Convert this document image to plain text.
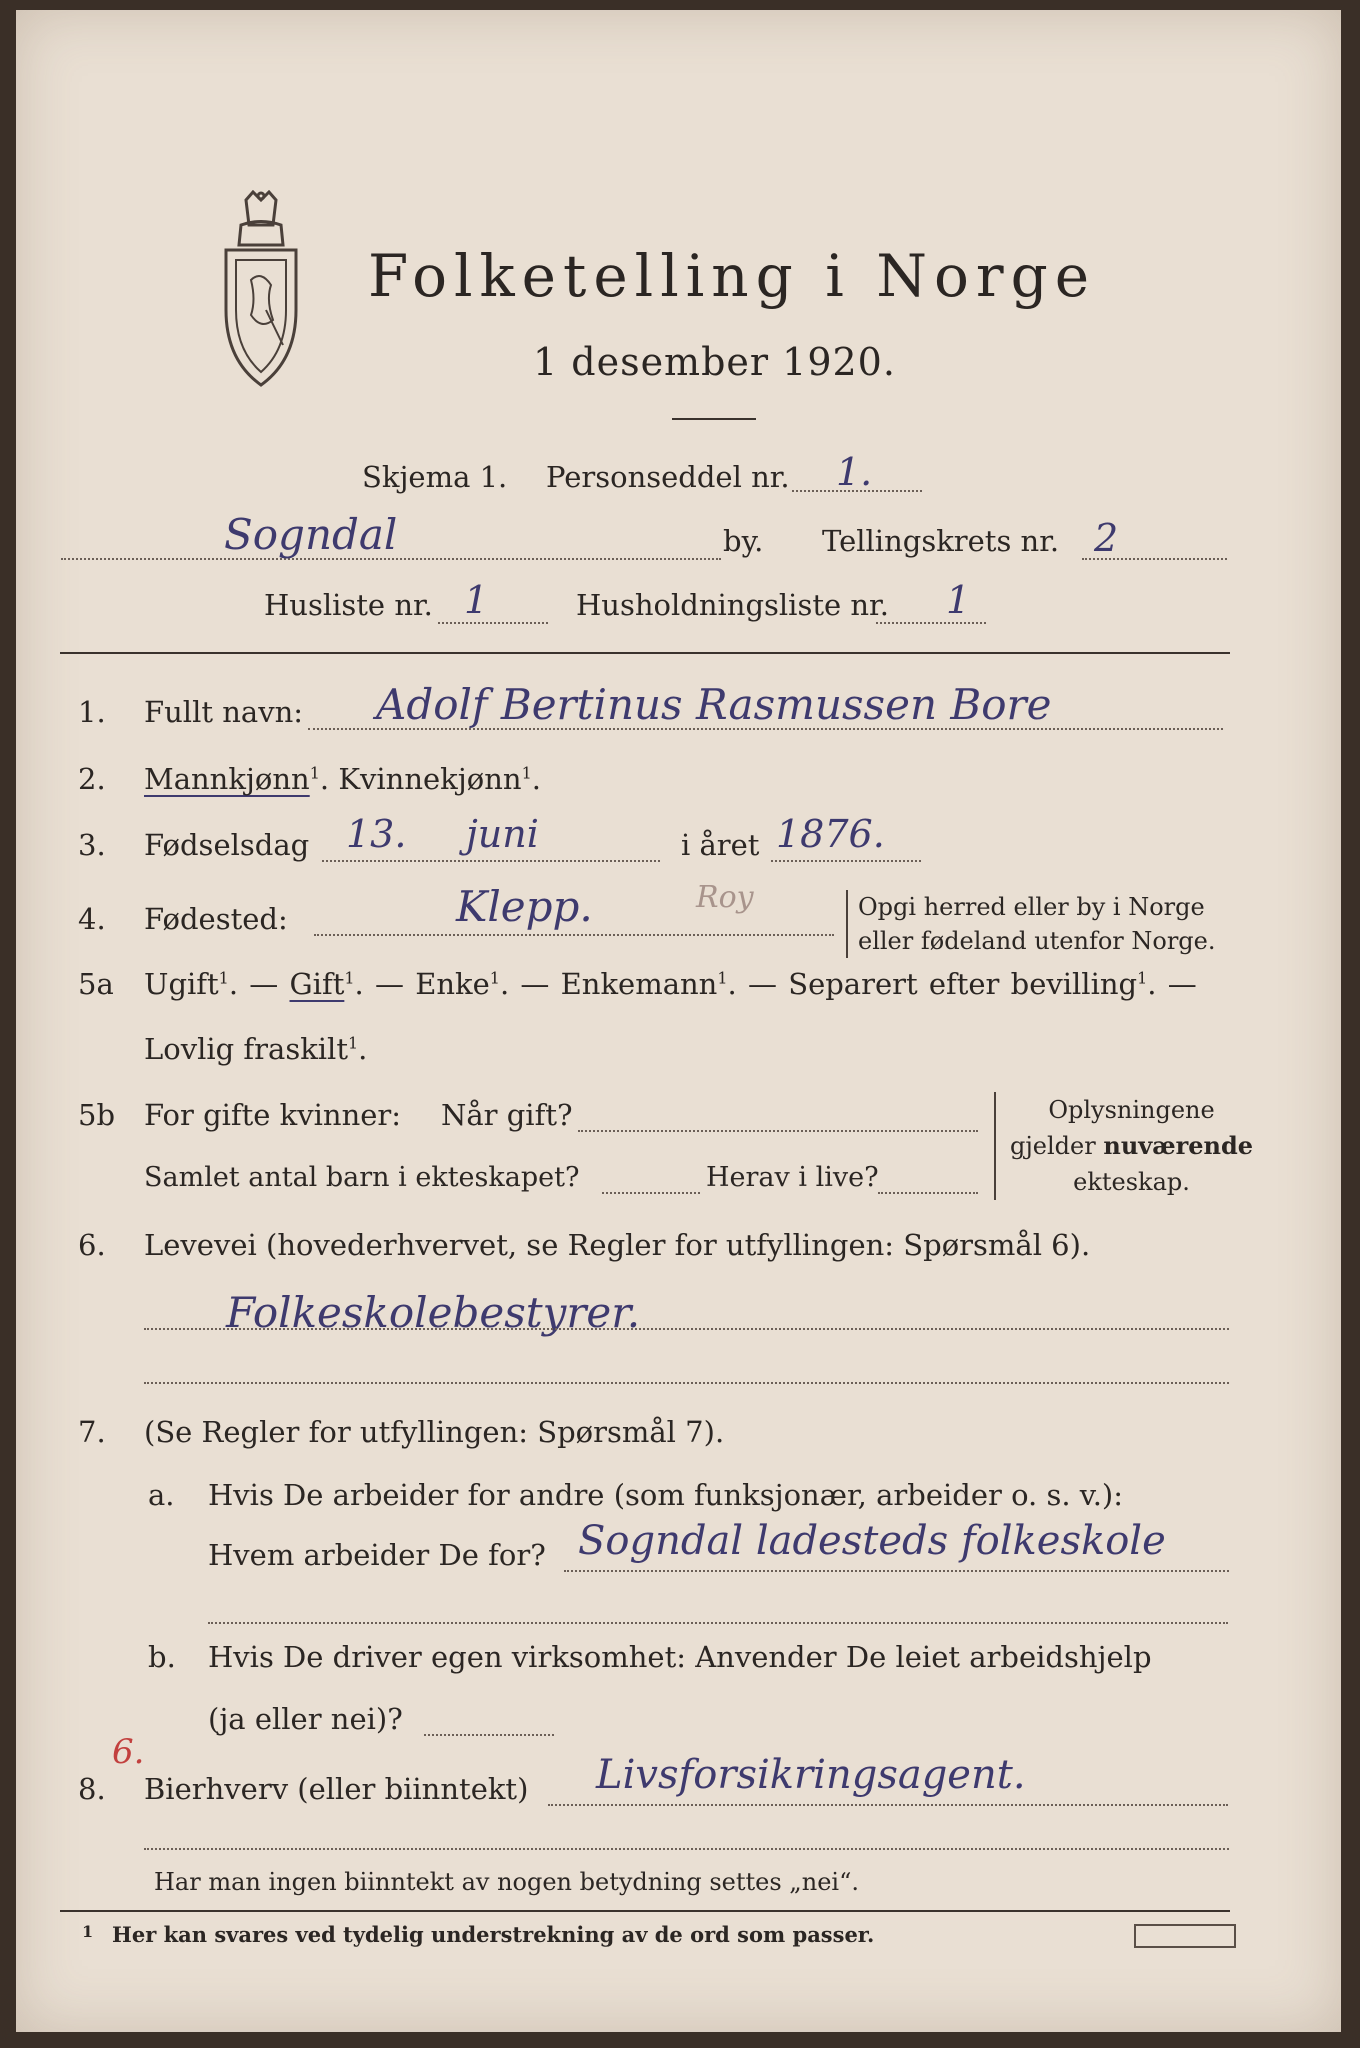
Folketelling i Norge
1 desember 1920.
Skjema 1. Personseddel nr. 1.
Sogndal	by. Tellingskrets nr. 2
Husliste nr. 1	Husholdningsliste nr. 1
1. Fullt navn: Adolf Bertinus Rasmussen Bore
2. Mannkjønn$^1$. Kvinnekjønn$^1$.
3. Fødselsdag 13. juni	i året 1876.
4. Fødested:	Klepp.	Roy	Opgi herred eller by i Norge
eller fødeland utenfor Norge.
5a Ugift$^1$. — Gift$^1$. — Enke$^1$. — Enkemann$^1$. — Separert efter bevilling$^1$. —
Lovlig fraskilt$^1$.
5b For gifte kvinner: Når gift?
Samlet antal barn i ekteskapet?	Herav i live?
Oplysningene
gjelder nuværende
ekteskap.
6. Levevei (hovederhvervet, se Regler for utfyllingen: Spørsmål 6).
Folkeskolebestyrer.
7. (Se Regler for utfyllingen: Spørsmål 7).
a. Hvis De arbeider for andre (som funksjonær, arbeider o. s. v.):
Hvem arbeider De for? Sogndal ladesteds folkeskole
b. Hvis De driver egen virksomhet: Anvender De leiet arbeidshjelp
(ja eller nei)?
8.
6.
Bierhverv (eller biinntekt) Livsforsikringsagent.
Har man ingen biinntekt av nogen betydning settes „nei“.
1 Her kan svares ved tydelig understrekning av de ord som passer.
